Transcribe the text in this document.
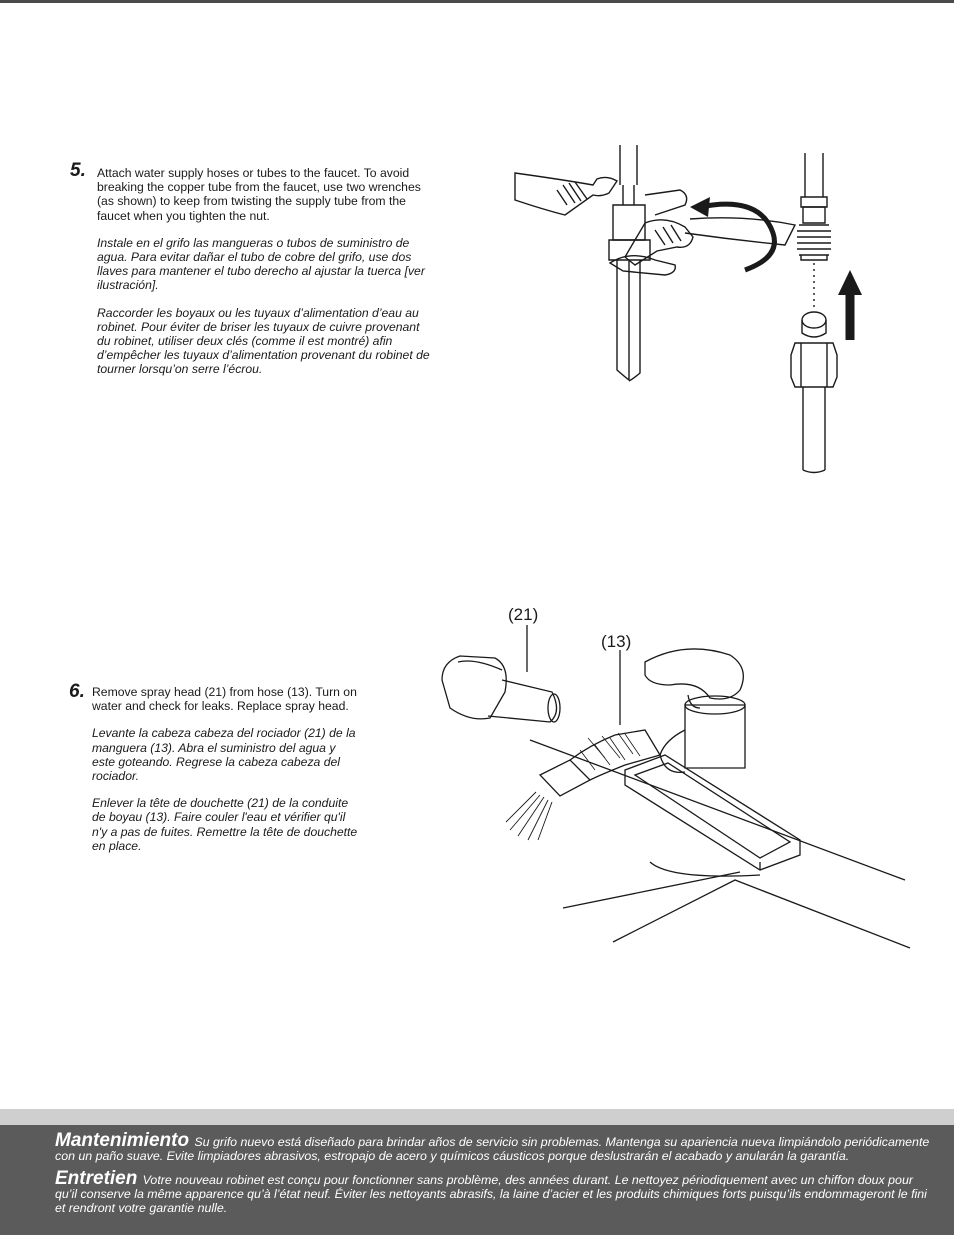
5. Attach water supply hoses or tubes to the faucet. To avoid breaking the copper tube from the faucet, use two wrenches (as shown) to keep from twisting the supply tube from the faucet when you tighten the nut.

Instale en el grifo las mangueras o tubos de suministro de agua. Para evitar dañar el tubo de cobre del grifo, use dos llaves para mantener el tubo derecho al ajustar la tuerca [ver ilustración].

Raccorder les boyaux ou les tuyaux d’alimentation d’eau au robinet. Pour éviter de briser les tuyaux de cuivre provenant du robinet, utiliser deux clés (comme il est montré) afin d’empêcher les tuyaux d’alimentation provenant du robinet de tourner lorsqu’on serre l’écrou.

6. Remove spray head (21) from hose (13). Turn on water and check for leaks. Replace spray head.

Levante la cabeza cabeza del rociador (21) de la manguera (13). Abra el suministro del agua y este goteando. Regrese la cabeza cabeza del rociador.

Enlever la tête de douchette (21) de la conduite de boyau (13). Faire couler l'eau et vérifier qu'il n'y a pas de fuites. Remettre la tête de douchette en place.

(21)
(13)
Mantenimiento Su grifo nuevo está diseñado para brindar años de servicio sin problemas. Mantenga su apariencia nueva limpiándolo periódicamente con un paño suave. Evite limpiadores abrasivos, estropajo de acero y químicos cáusticos porque deslustrarán el acabado y anularán la garantía.
Entretien Votre nouveau robinet est conçu pour fonctionner sans problème, des années durant. Le nettoyez périodiquement avec un chiffon doux pour qu’il conserve la même apparence qu’à l’état neuf. Éviter les nettoyants abrasifs, la laine d’acier et les produits chimiques forts puisqu’ils endommageront le fini et rendront votre garantie nulle.
